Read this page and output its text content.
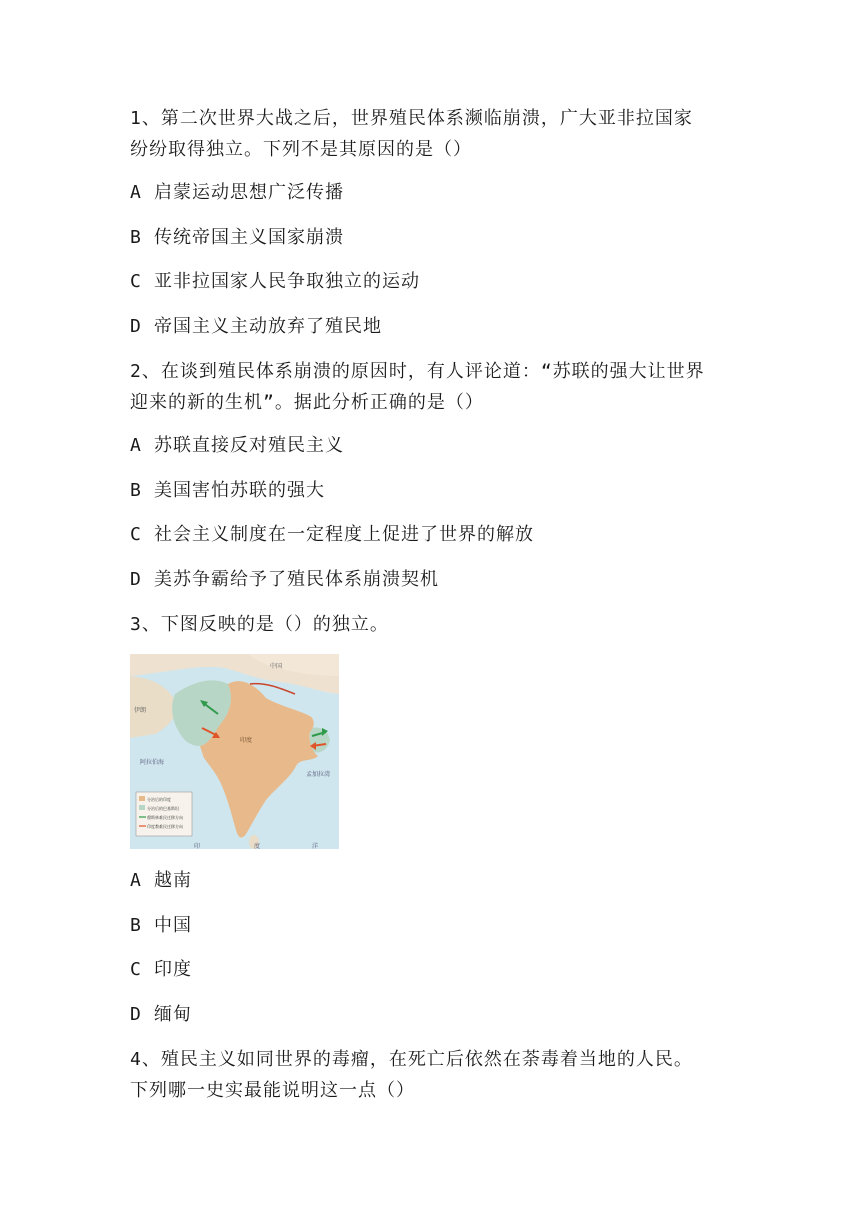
1、第二次世界大战之后，世界殖民体系濒临崩溃，广大亚非拉国家
纷纷取得独立。下列不是其原因的是（）
A 启蒙运动思想广泛传播
B 传统帝国主义国家崩溃
C 亚非拉国家人民争取独立的运动
D 帝国主义主动放弃了殖民地
2、在谈到殖民体系崩溃的原因时，有人评论道：“苏联的强大让世界
迎来的新的生机”。据此分析正确的是（）
A 苏联直接反对殖民主义
B 美国害怕苏联的强大
C 社会主义制度在一定程度上促进了世界的解放
D 美苏争霸给予了殖民体系崩溃契机
3、下图反映的是（）的独立。
中国
伊朗
阿拉伯海
孟加拉湾
印度
印	度	洋
分治后的印度
分治后的巴基斯坦
穆斯林难民迁移方向
印度教难民迁移方向
A 越南
B 中国
C 印度
D 缅甸
4、殖民主义如同世界的毒瘤，在死亡后依然在荼毒着当地的人民。
下列哪一史实最能说明这一点（）
